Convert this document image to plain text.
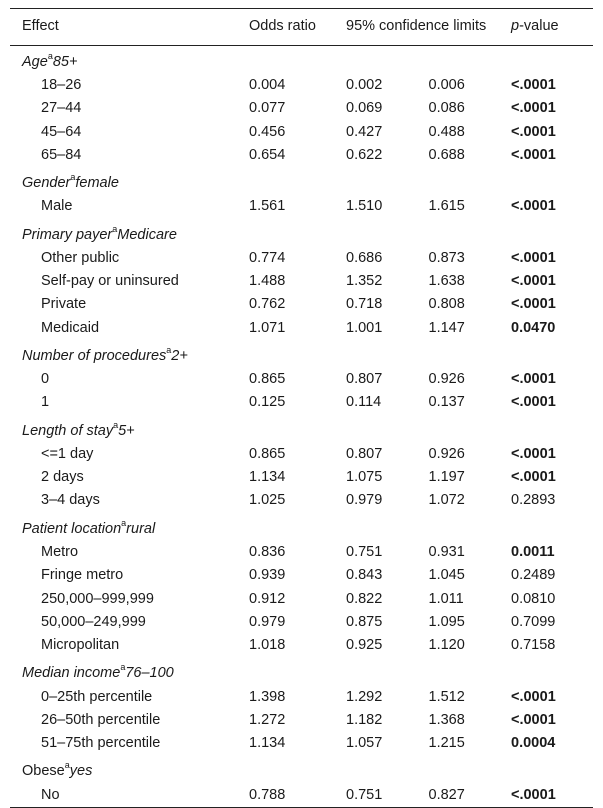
Effect	Odds ratio	95% confidence limits		p-value
Age$^a$85+				
18–26	0.004	0.002	0.006	<.0001
27–44	0.077	0.069	0.086	<.0001
45–64	0.456	0.427	0.488	<.0001
65–84	0.654	0.622	0.688	<.0001
Gender$^a$female				
Male	1.561	1.510	1.615	<.0001
Primary payer$^a$Medicare				
Other public	0.774	0.686	0.873	<.0001
Self-pay or uninsured	1.488	1.352	1.638	<.0001
Private	0.762	0.718	0.808	<.0001
Medicaid	1.071	1.001	1.147	0.0470
Number of procedures$^a$2+				
0	0.865	0.807	0.926	<.0001
1	0.125	0.114	0.137	<.0001
Length of stay$^a$5+				
<=1 day	0.865	0.807	0.926	<.0001
2 days	1.134	1.075	1.197	<.0001
3–4 days	1.025	0.979	1.072	0.2893
Patient location$^a$rural				
Metro	0.836	0.751	0.931	0.0011
Fringe metro	0.939	0.843	1.045	0.2489
250,000–999,999	0.912	0.822	1.011	0.0810
50,000–249,999	0.979	0.875	1.095	0.7099
Micropolitan	1.018	0.925	1.120	0.7158
Median income$^a$76–100				
0–25th percentile	1.398	1.292	1.512	<.0001
26–50th percentile	1.272	1.182	1.368	<.0001
51–75th percentile	1.134	1.057	1.215	0.0004
Obese$^a$yes				
No	0.788	0.751	0.827	<.0001
